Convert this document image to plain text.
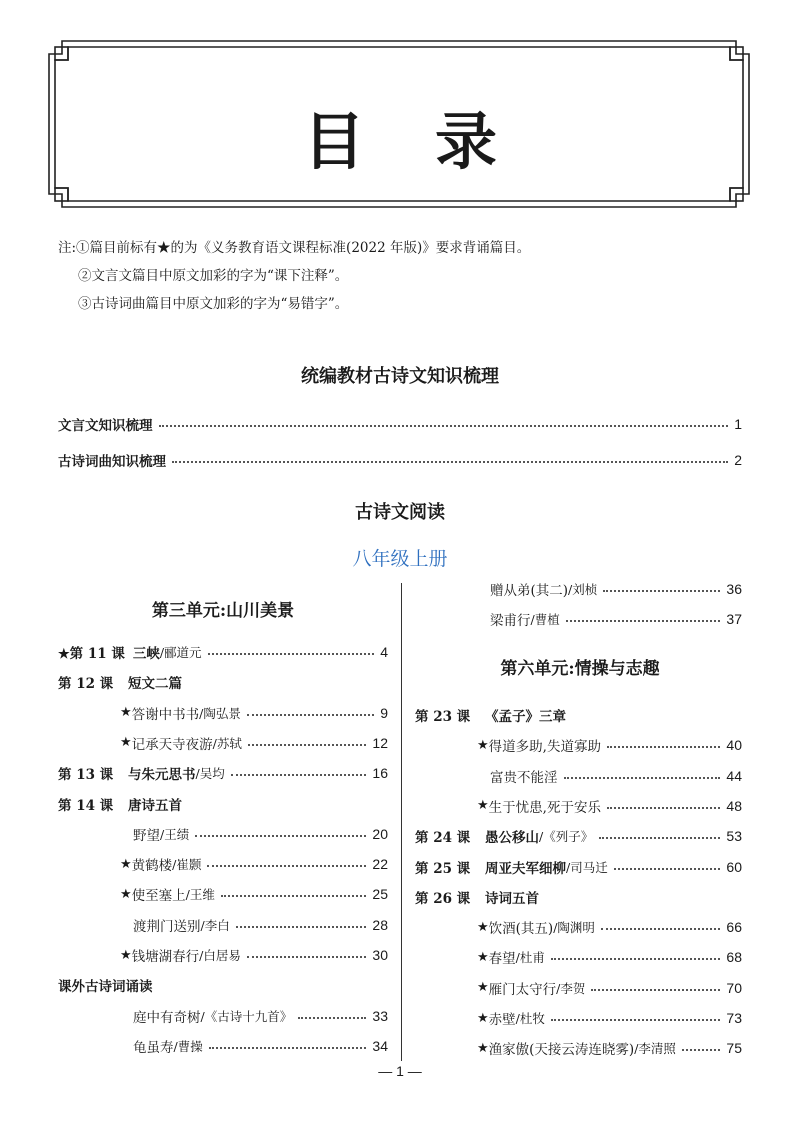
目录
注:①篇目前标有★的为《义务教育语文课程标准(2022 年版)》要求背诵篇目。
②文言文篇目中原文加彩的字为“课下注释”。
③古诗词曲篇目中原文加彩的字为“易错字”。
统编教材古诗文知识梳理
文言文知识梳理	1
古诗词曲知识梳理	2
古诗文阅读
八年级上册
第三单元:山川美景
★第 11 课 三峡 /郦道元	4
第 12 课	短文二篇
★ 答谢中书书 /陶弘景	9
★ 记承天寺夜游 /苏轼	12
第 13 课	与朱元思书 /吴均	16
第 14 课	唐诗五首
野望 /王绩	20
★ 黄鹤楼 /崔颢	22
★ 使至塞上 /王维	25
渡荆门送别 /李白	28
★ 钱塘湖春行 /白居易	30
课外古诗词诵读
庭中有奇树 /《古诗十九首》	33
龟虽寿 /曹操	34
赠从弟(其二) /刘桢	36
梁甫行 /曹植	37
第六单元:情操与志趣
第 23 课	《孟子》三章
★ 得道多助,失道寡助	40
富贵不能淫	44
★ 生于忧患,死于安乐	48
第 24 课	愚公移山 /《列子》	53
第 25 课	周亚夫军细柳 /司马迁	60
第 26 课	诗词五首
★ 饮酒(其五) /陶渊明	66
★ 春望 /杜甫	68
★ 雁门太守行 /李贺	70
★ 赤壁 /杜牧	73
★ 渔家傲(天接云涛连晓雾) /李清照	75
— 1 —
